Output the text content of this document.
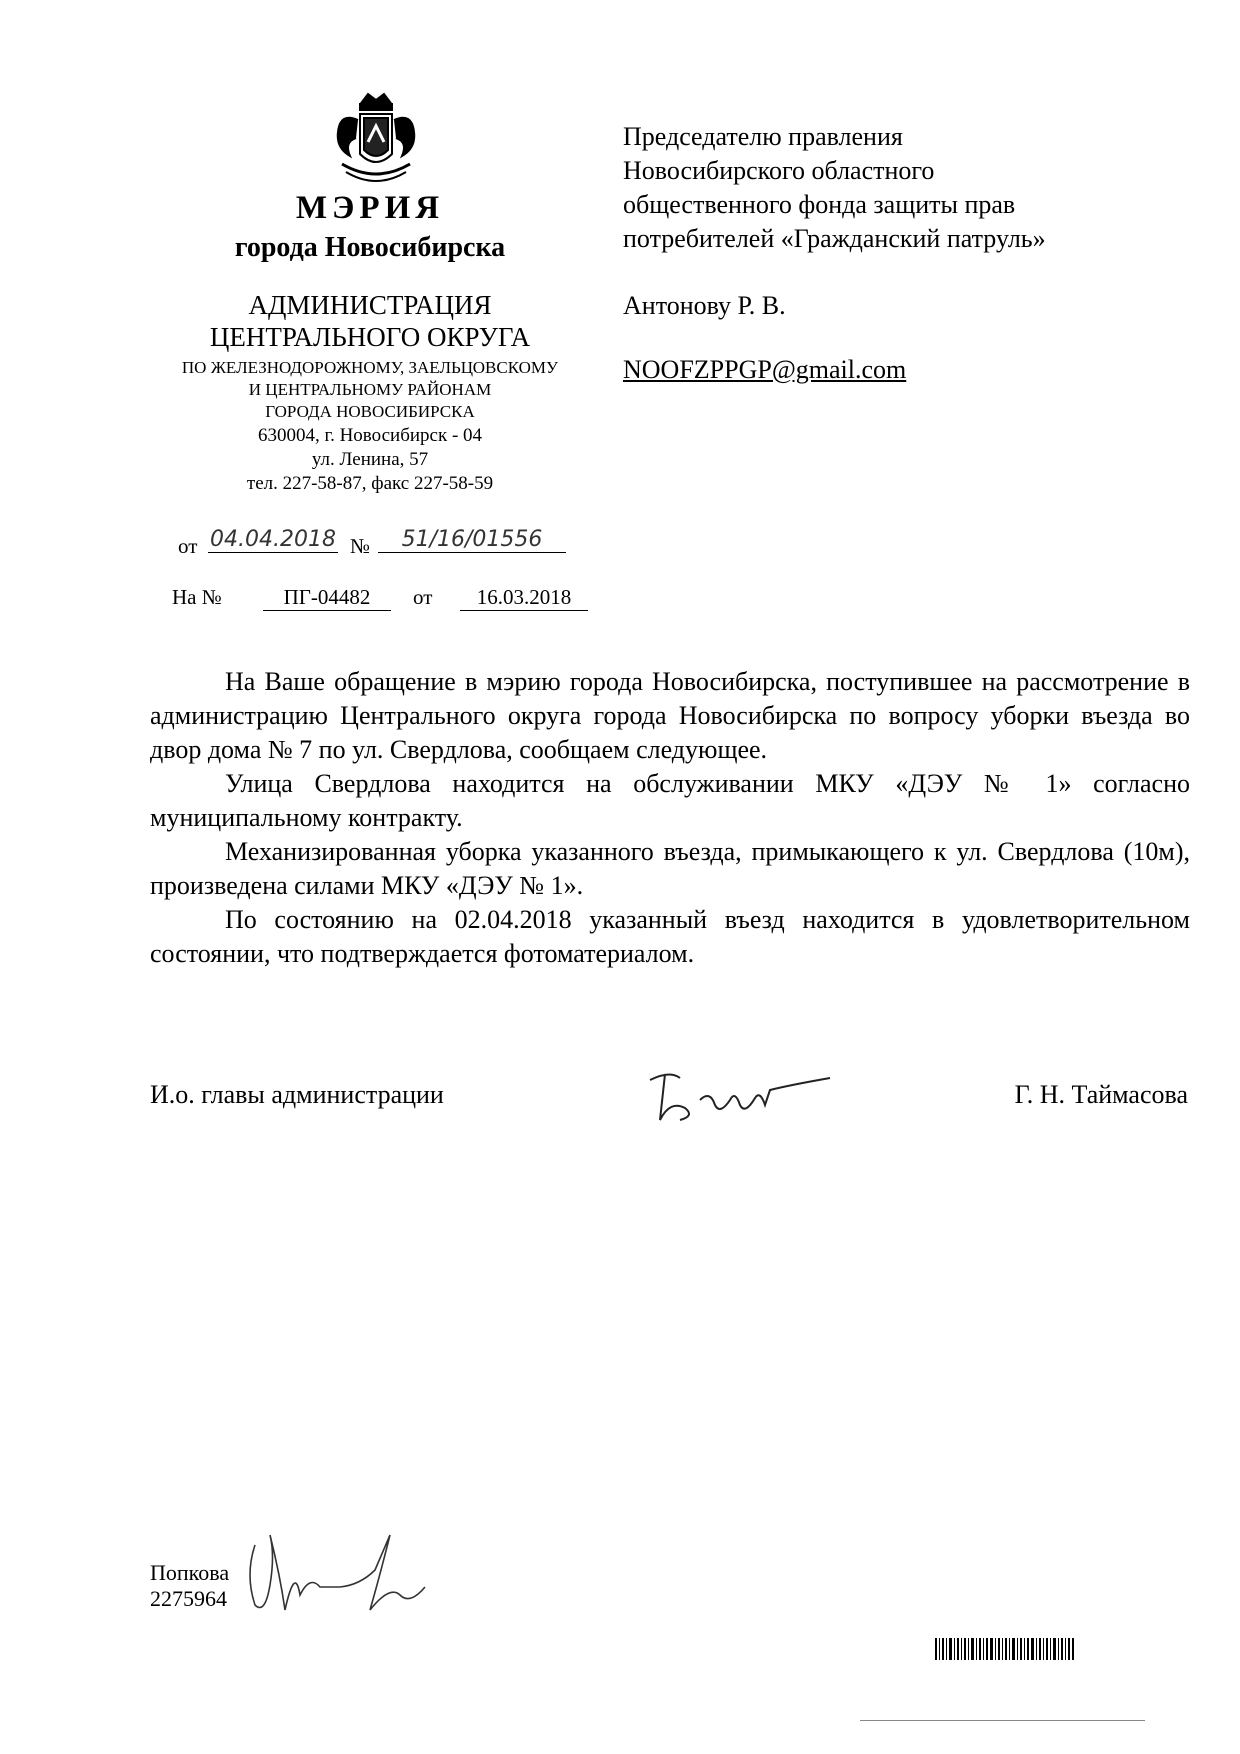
МЭРИЯ
города Новосибирска
АДМИНИСТРАЦИЯ
ЦЕНТРАЛЬНОГО ОКРУГА
ПО ЖЕЛЕЗНОДОРОЖНОМУ, ЗАЕЛЬЦОВСКОМУ
И ЦЕНТРАЛЬНОМУ РАЙОНАМ
ГОРОДА НОВОСИБИРСКА
630004, г. Новосибирск - 04
ул. Ленина, 57
тел. 227-58-87, факс 227-58-59
Председателю правления
Новосибирского областного
общественного фонда защиты прав
потребителей «Гражданский патруль»
Антонову Р. В.
NOOFZPPGP@gmail.com
от 04.04.2018 №	51/16/01556
На №	ПГ-04482	от	16.03.2018

На Ваше обращение в мэрию города Новосибирска, поступившее на рассмотрение в администрацию Центрального округа города Новосибирска по вопросу уборки въезда во двор дома № 7 по ул. Свердлова, сообщаем следующее.

Улица Свердлова находится на обслуживании МКУ «ДЭУ № 1» согласно муниципальному контракту.

Механизированная уборка указанного въезда, примыкающего к ул. Свердлова (10м), произведена силами МКУ «ДЭУ № 1».

По состоянию на 02.04.2018 указанный въезд находится в удовлетворительном состоянии, что подтверждается фотоматериалом.

И.о. главы администрации	Г. Н. Таймасова
Попкова
2275964
